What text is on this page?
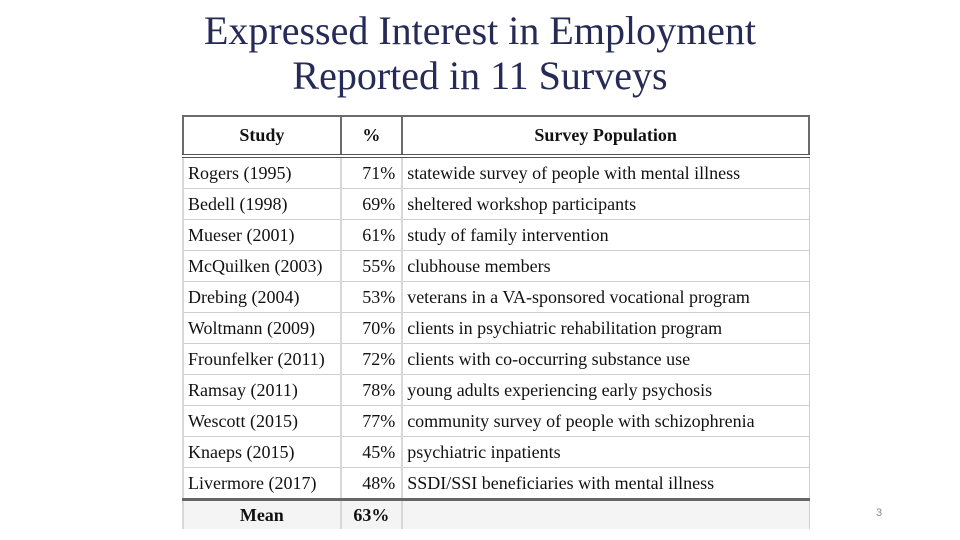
Expressed Interest in Employment
Reported in 11 Surveys
Study	%	Survey Population
Rogers (1995)	71%	statewide survey of people with mental illness
Bedell (1998)	69%	sheltered workshop participants
Mueser (2001)	61%	study of family intervention
McQuilken (2003)	55%	clubhouse members
Drebing (2004)	53%	veterans in a VA-sponsored vocational program
Woltmann (2009)	70%	clients in psychiatric rehabilitation program
Frounfelker (2011)	72%	clients with co-occurring substance use
Ramsay (2011)	78%	young adults experiencing early psychosis
Wescott (2015)	77%	community survey of people with schizophrenia
Knaeps (2015)	45%	psychiatric inpatients
Livermore (2017)	48%	SSDI/SSI beneficiaries with mental illness
Mean	63%		3
